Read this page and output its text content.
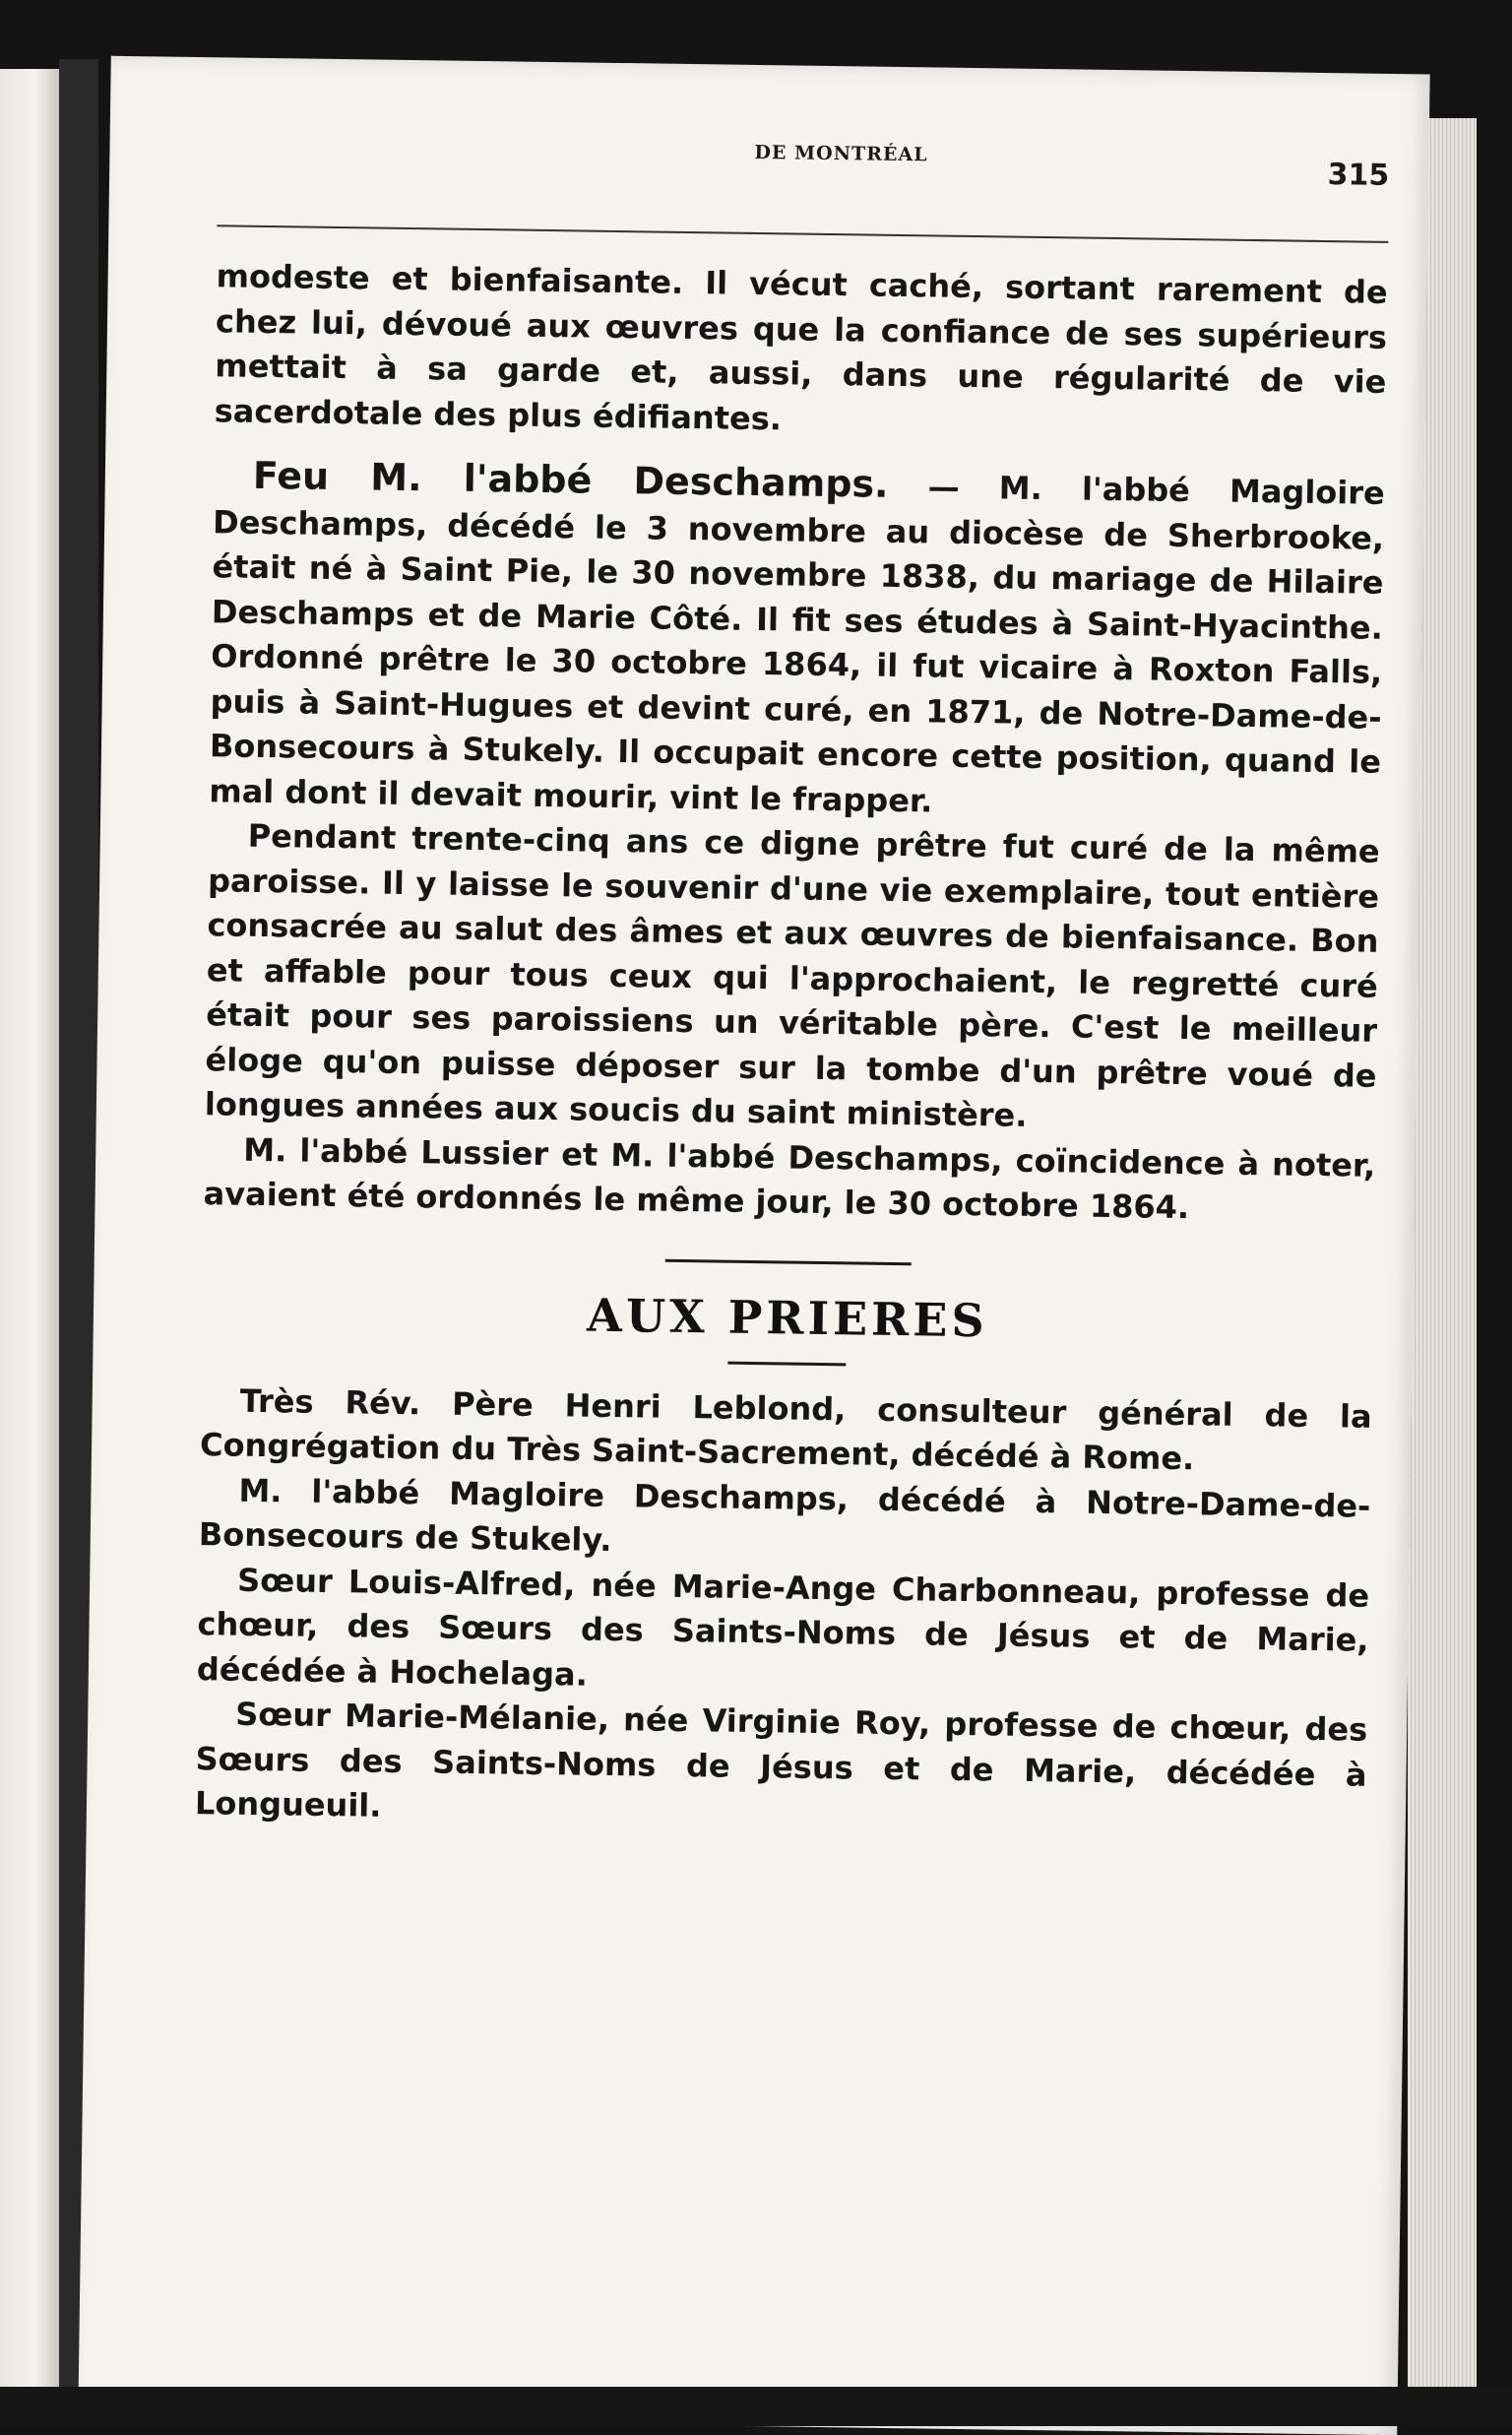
DE MONTRÉAL
315

modeste et bienfaisante. Il vécut caché, sortant rarement de chez lui, dévoué aux œuvres que la confiance de ses supérieurs mettait à sa garde et, aussi, dans une régularité de vie sacerdotale des plus édifiantes.

Feu M. l'abbé Deschamps. — M. l'abbé Magloire Deschamps, décédé le 3 novembre au diocèse de Sherbrooke, était né à Saint Pie, le 30 novembre 1838, du mariage de Hilaire Deschamps et de Marie Côté. Il fit ses études à Saint-Hyacinthe. Ordonné prêtre le 30 octobre 1864, il fut vicaire à Roxton Falls, puis à Saint-Hugues et devint curé, en 1871, de Notre-Dame-de-Bonsecours à Stukely. Il occupait encore cette position, quand le mal dont il devait mourir, vint le frapper.

Pendant trente-cinq ans ce digne prêtre fut curé de la même paroisse. Il y laisse le souvenir d'une vie exemplaire, tout entière consacrée au salut des âmes et aux œuvres de bienfaisance. Bon et affable pour tous ceux qui l'approchaient, le regretté curé était pour ses paroissiens un véritable père. C'est le meilleur éloge qu'on puisse déposer sur la tombe d'un prêtre voué de longues années aux soucis du saint ministère.

M. l'abbé Lussier et M. l'abbé Deschamps, coïncidence à noter, avaient été ordonnés le même jour, le 30 octobre 1864.

AUX PRIERES

Très Rév. Père Henri Leblond, consulteur général de la Congrégation du Très Saint-Sacrement, décédé à Rome.

M. l'abbé Magloire Deschamps, décédé à Notre-Dame-de-Bonsecours de Stukely.

Sœur Louis-Alfred, née Marie-Ange Charbonneau, professe de chœur, des Sœurs des Saints-Noms de Jésus et de Marie, décédée à Hochelaga.

Sœur Marie-Mélanie, née Virginie Roy, professe de chœur, des Sœurs des Saints-Noms de Jésus et de Marie, décédée à Longueuil.
